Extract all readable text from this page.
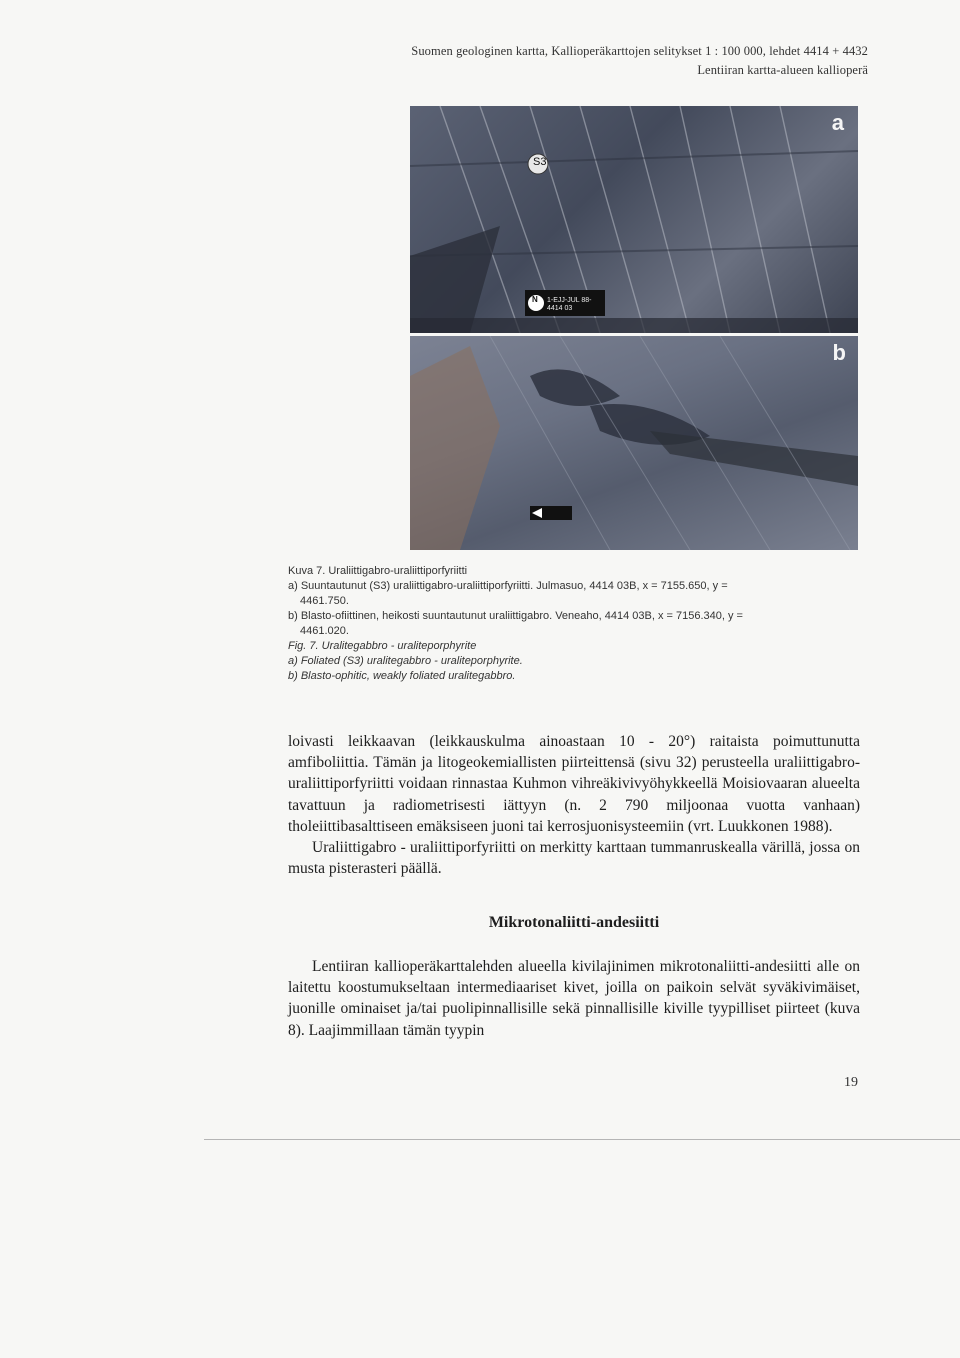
Suomen geologinen kartta, Kallioperäkarttojen selitykset 1 : 100 000, lehdet 4414 + 4432
Lentiiran kartta-alueen kallioperä
S3
N 1-EJJ-JUL 88-4414 03
a
b
Kuva 7. Uraliittigabro-uraliittiporfyriitti
a) Suuntautunut (S3) uraliittigabro-uraliittiporfyriitti. Julmasuo, 4414 03B, x = 7155.650, y =
4461.750.
b) Blasto-ofiittinen, heikosti suuntautunut uraliittigabro. Veneaho, 4414 03B, x = 7156.340, y =
4461.020.
Fig. 7. Uralitegabbro - uraliteporphyrite
a) Foliated (S3) uralitegabbro - uraliteporphyrite.
b) Blasto-ophitic, weakly foliated uralitegabbro.

loivasti leikkaavan (leikkauskulma ainoastaan 10 - 20°) raitaista poimuttunutta amfiboliittia. Tämän ja litogeokemiallisten piirteittensä (sivu 32) perusteella uraliittigabro-uraliittiporfyriitti voidaan rinnastaa Kuhmon vihreäkivivyöhykkeellä Moisiovaaran alueelta tavattuun ja radiometrisesti iättyyn (n. 2 790 miljoonaa vuotta vanhaan) tholeiittibasalttiseen emäksiseen juoni tai kerrosjuonisysteemiin (vrt. Luukkonen 1988).

Uraliittigabro - uraliittiporfyriitti on merkitty karttaan tummanruskealla värillä, jossa on musta pisterasteri päällä.

Mikrotonaliitti-andesiitti

Lentiiran kallioperäkarttalehden alueella kivilajinimen mikrotonaliitti-andesiitti alle on laitettu koostumukseltaan intermediaariset kivet, joilla on paikoin selvät syväkivimäiset, juonille ominaiset ja/tai puolipinnallisille sekä pinnallisille kiville tyypilliset piirteet (kuva 8). Laajimmillaan tämän tyypin

19
